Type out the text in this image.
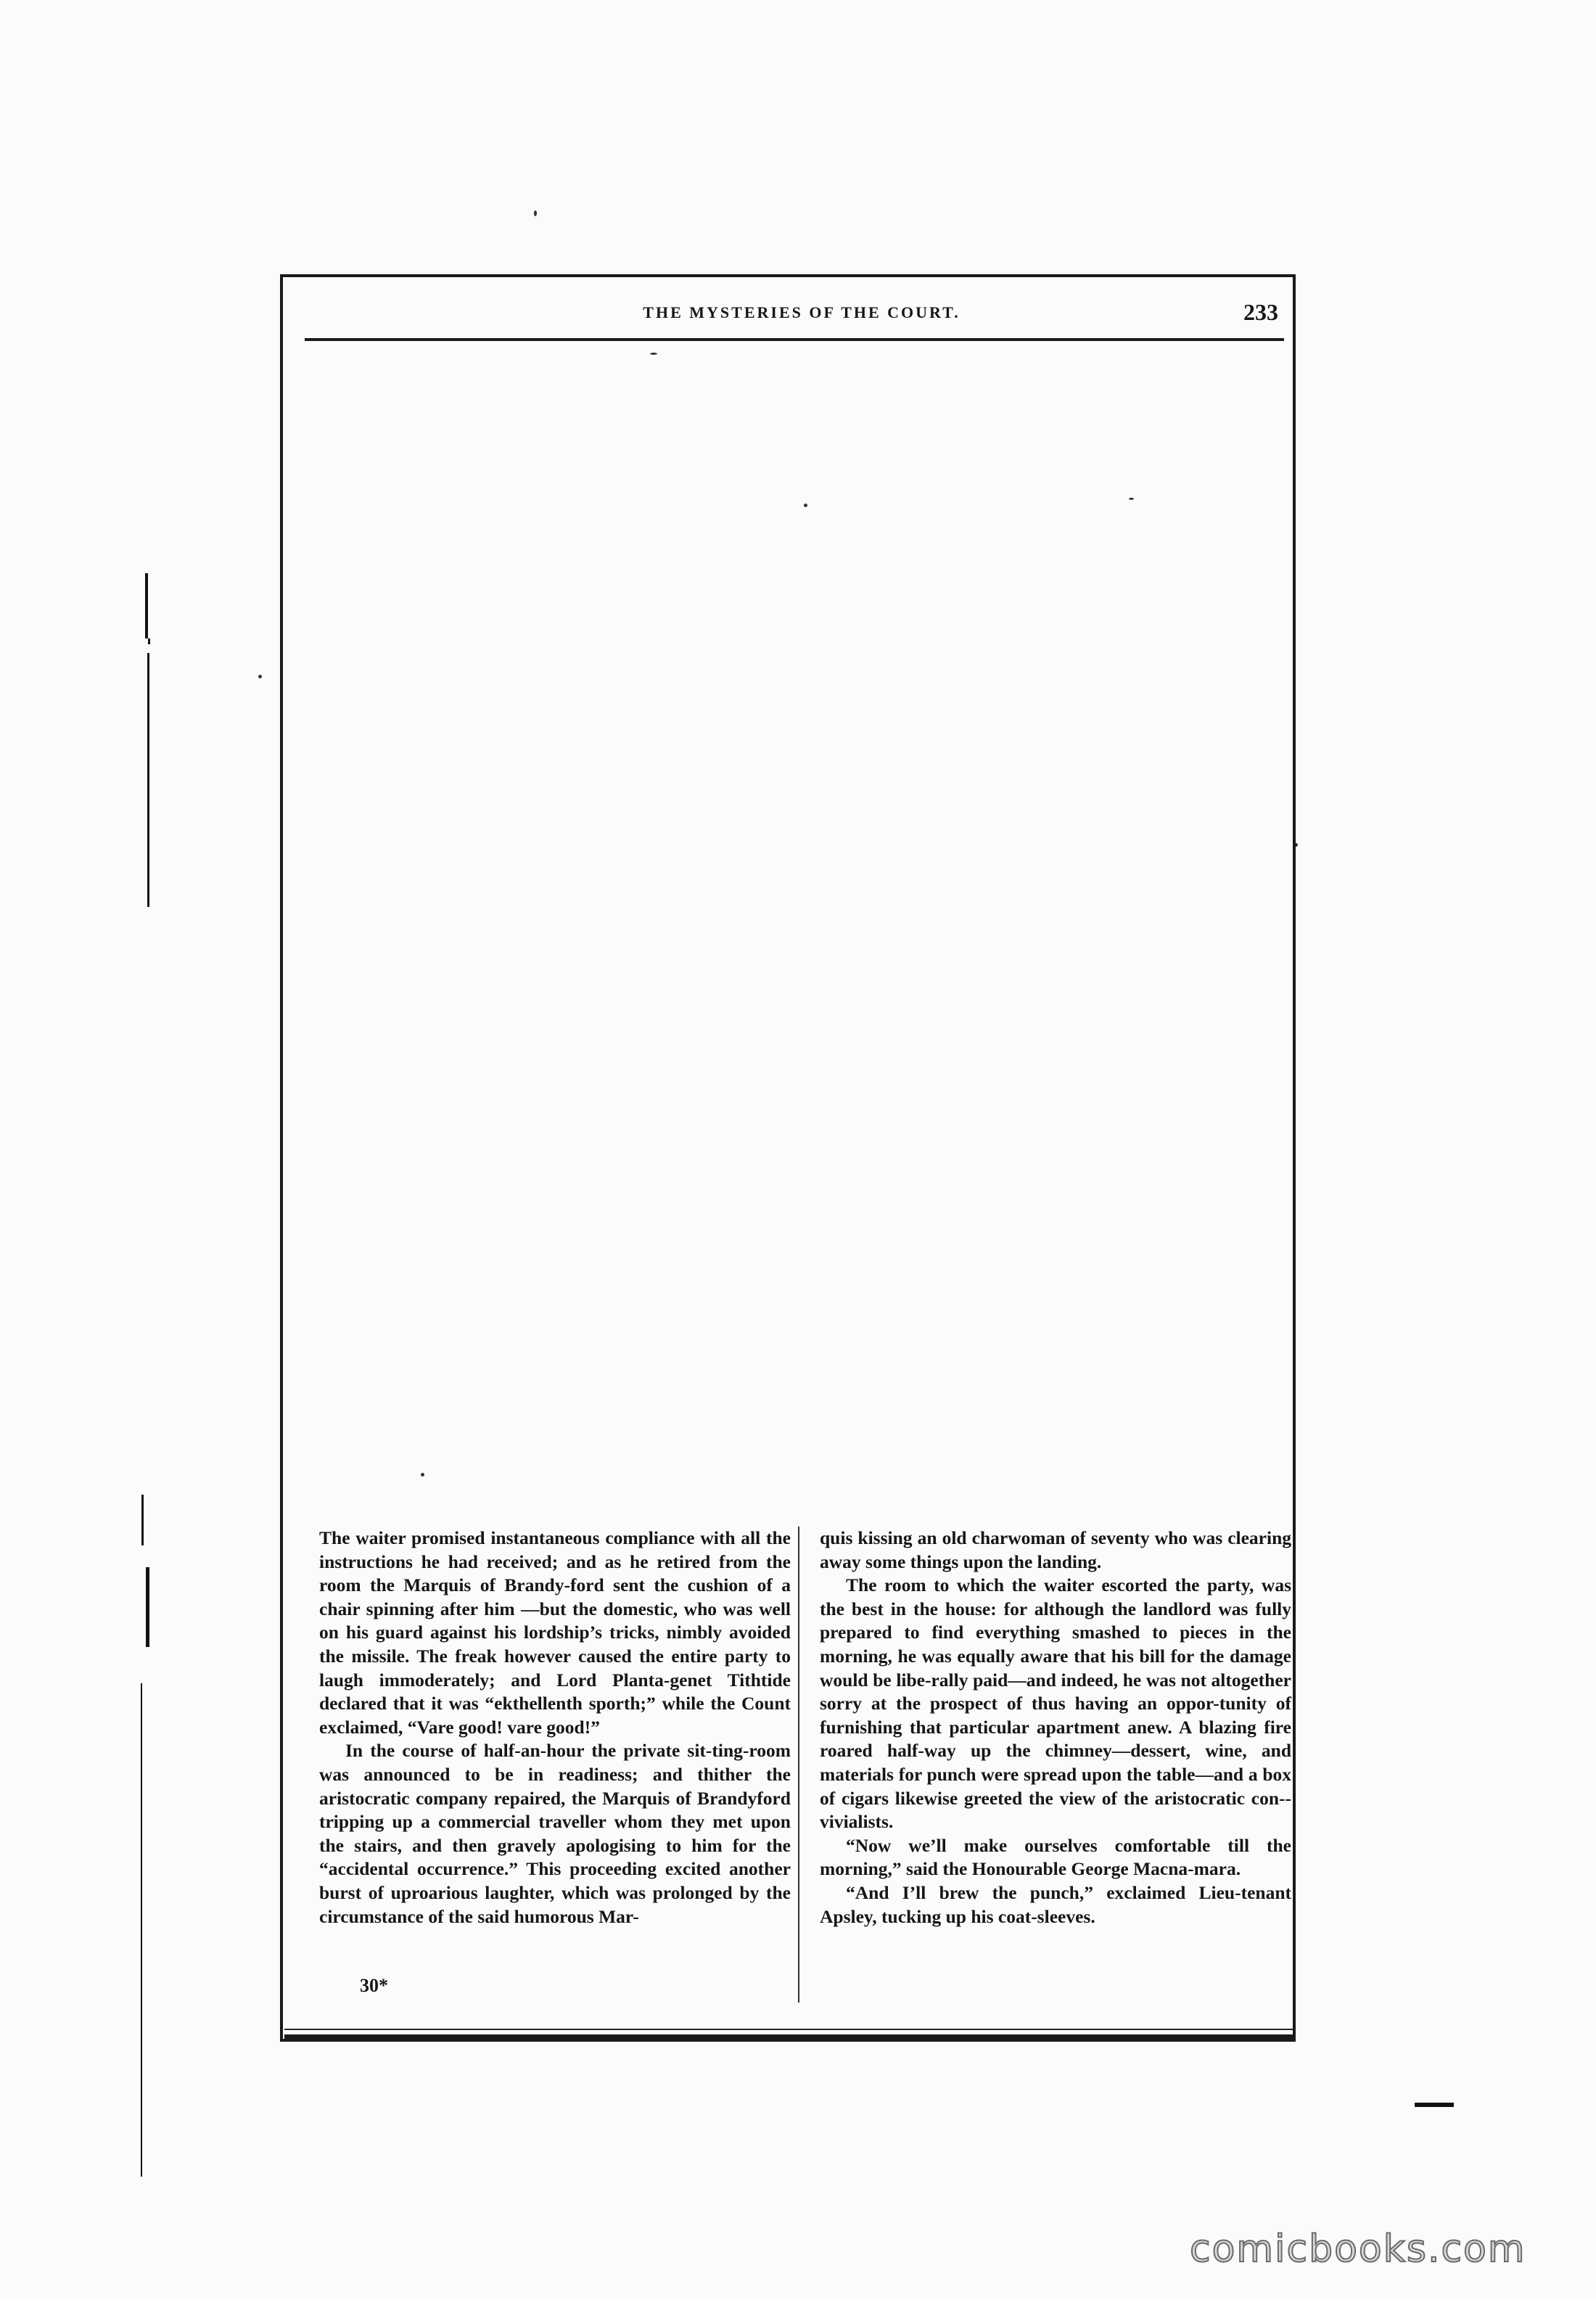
THE MYSTERIES OF THE COURT.	233

The waiter promised instantaneous compliance with all the instructions he had received; and as he retired from the room the Marquis of Brandy-ford sent the cushion of a chair spinning after him —but the domestic, who was well on his guard against his lordship’s tricks, nimbly avoided the missile. The freak however caused the entire party to laugh immoderately; and Lord Planta-genet Tithtide declared that it was “ekthellenth sporth;” while the Count exclaimed, “Vare good! vare good!”

In the course of half-an-hour the private sit-ting-room was announced to be in readiness; and thither the aristocratic company repaired, the Marquis of Brandyford tripping up a commercial traveller whom they met upon the stairs, and then gravely apologising to him for the “accidental occurrence.” This proceeding excited another burst of uproarious laughter, which was prolonged by the circumstance of the said humorous Mar-

quis kissing an old charwoman of seventy who was clearing away some things upon the landing.

The room to which the waiter escorted the party, was the best in the house: for although the landlord was fully prepared to find everything smashed to pieces in the morning, he was equally aware that his bill for the damage would be libe-rally paid—and indeed, he was not altogether sorry at the prospect of thus having an oppor-tunity of furnishing that particular apartment anew. A blazing fire roared half-way up the chimney—dessert, wine, and materials for punch were spread upon the table—and a box of cigars likewise greeted the view of the aristocratic con-vivialists.

“Now we’ll make ourselves comfortable till the morning,” said the Honourable George Macna-mara.

“And I’ll brew the punch,” exclaimed Lieu-tenant Apsley, tucking up his coat-sleeves.

30*
comicbooks.com
